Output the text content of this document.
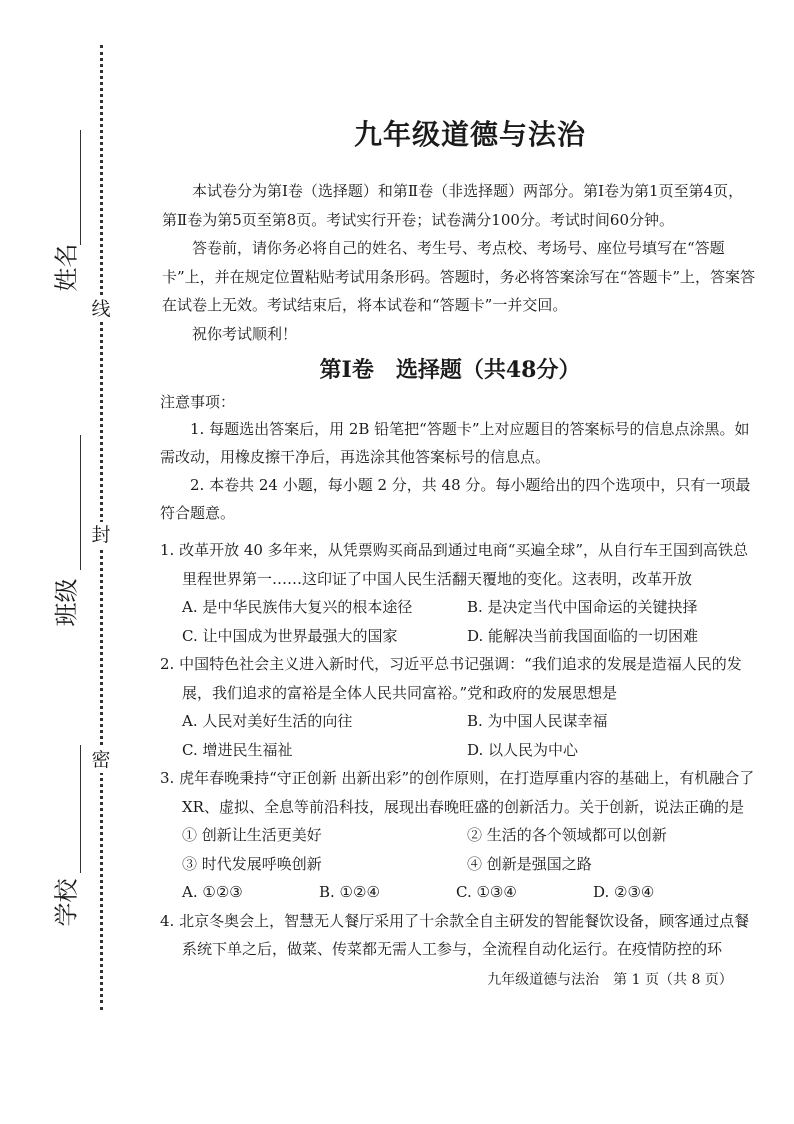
线
封
密
姓名
班级
学校
九年级道德与法治

本试卷分为第Ⅰ卷（选择题）和第Ⅱ卷（非选择题）两部分。第Ⅰ卷为第1页至第4页，第Ⅱ卷为第5页至第8页。考试实行开卷；试卷满分100分。考试时间60分钟。

答卷前，请你务必将自己的姓名、考生号、考点校、考场号、座位号填写在“答题卡”上，并在规定位置粘贴考试用条形码。答题时，务必将答案涂写在“答题卡”上，答案答在试卷上无效。考试结束后，将本试卷和“答题卡”一并交回。

祝你考试顺利！

第Ⅰ卷　选择题（共48分）
注意事项：

1. 每题选出答案后，用 2B 铅笔把“答题卡”上对应题目的答案标号的信息点涂黑。如需改动，用橡皮擦干净后，再选涂其他答案标号的信息点。

2. 本卷共 24 小题，每小题 2 分，共 48 分。每小题给出的四个选项中，只有一项最符合题意。

1. 改革开放 40 多年来，从凭票购买商品到通过电商“买遍全球”，从自行车王国到高铁总里程世界第一……这印证了中国人民生活翻天覆地的变化。这表明，改革开放
A. 是中华民族伟大复兴的根本途径	B. 是决定当代中国命运的关键抉择
C. 让中国成为世界最强大的国家	D. 能解决当前我国面临的一切困难
2. 中国特色社会主义进入新时代，习近平总书记强调：“我们追求的发展是造福人民的发展，我们追求的富裕是全体人民共同富裕。”党和政府的发展思想是
A. 人民对美好生活的向往	B. 为中国人民谋幸福
C. 增进民生福祉	D. 以人民为中心
3. 虎年春晚秉持“守正创新 出新出彩”的创作原则，在打造厚重内容的基础上，有机融合了 XR、虚拟、全息等前沿科技，展现出春晚旺盛的创新活力。关于创新，说法正确的是
① 创新让生活更美好	② 生活的各个领域都可以创新
③ 时代发展呼唤创新	④ 创新是强国之路
A. ①②③	B. ①②④	C. ①③④	D. ②③④
4. 北京冬奥会上，智慧无人餐厅采用了十余款全自主研发的智能餐饮设备，顾客通过点餐系统下单之后，做菜、传菜都无需人工参与，全流程自动化运行。在疫情防控的环
九年级道德与法治　第 1 页（共 8 页）
